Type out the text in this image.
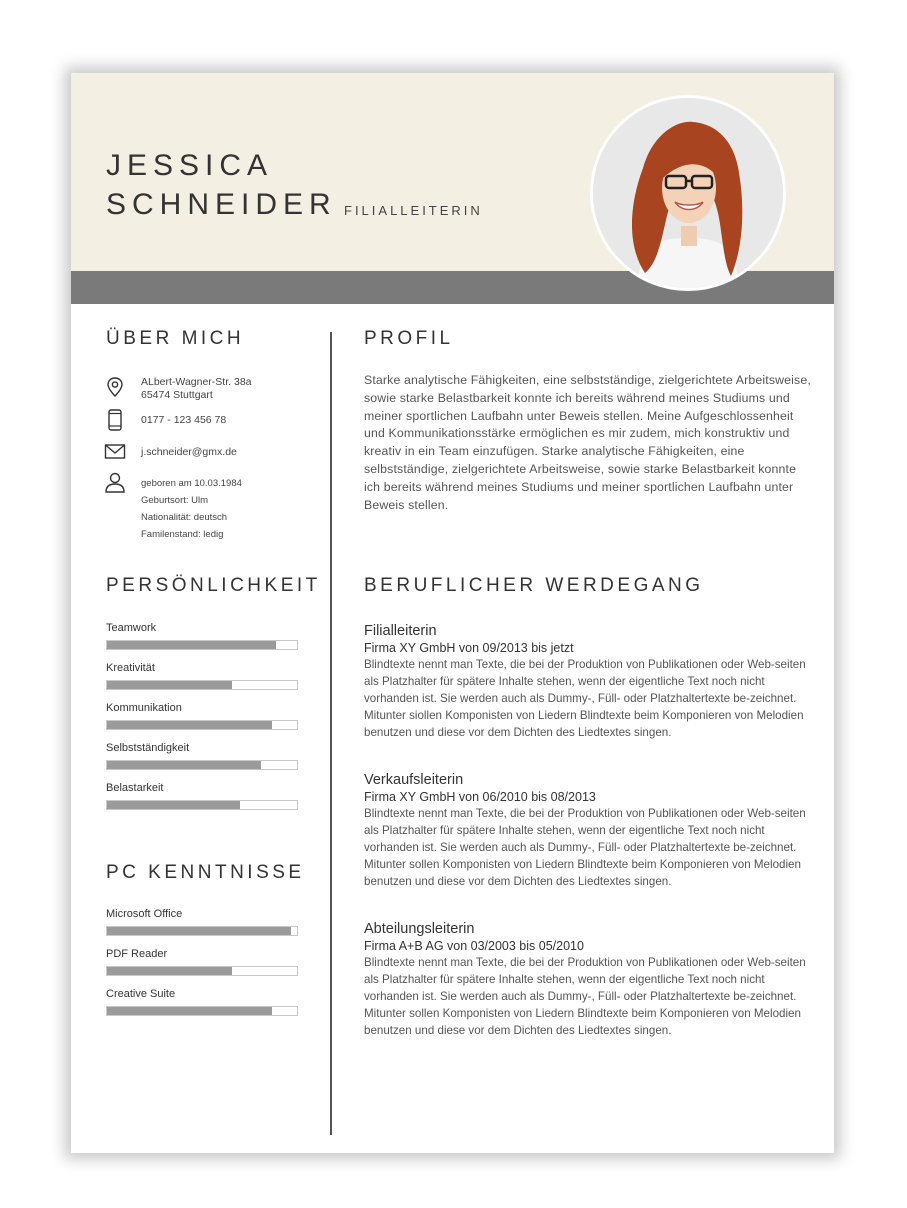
JESSICA
SCHNEIDER FILIALLEITERIN
ÜBER MICH
ALbert-Wagner-Str. 38a
65474 Stuttgart
0177 - 123 456 78
j.schneider@gmx.de
geboren am 10.03.1984
Geburtsort: Ulm
Nationalität: deutsch
Familenstand: ledig
PERSÖNLICHKEIT
Teamwork
Kreativität
Kommunikation
Selbstständigkeit
Belastarkeit
PC KENNTNISSE
Microsoft Office
PDF Reader
Creative Suite
PROFIL
Starke analytische Fähigkeiten, eine selbstständige, zielgerichtete Arbeitsweise, sowie starke Belastbarkeit konnte ich bereits während meines Studiums und meiner sportlichen Laufbahn unter Beweis stellen. Meine Aufgeschlossenheit und Kommunikationsstärke ermöglichen es mir zudem, mich konstruktiv und kreativ in ein Team einzufügen. Starke analytische Fähigkeiten, eine selbstständige, zielgerichtete Arbeitsweise, sowie starke Belastbarkeit konnte ich bereits während meines Studiums und meiner sportlichen Laufbahn unter Beweis stellen.
BERUFLICHER WERDEGANG
Filialleiterin
Firma XY GmbH von 09/2013 bis jetzt
Blindtexte nennt man Texte, die bei der Produktion von Publikationen oder Web-seiten als Platzhalter für spätere Inhalte stehen, wenn der eigentliche Text noch nicht vorhanden ist. Sie werden auch als Dummy-, Füll- oder Platzhaltertexte be-zeichnet. Mitunter siollen Komponisten von Liedern Blindtexte beim Komponieren von Melodien benutzen und diese vor dem Dichten des Liedtextes singen.
Verkaufsleiterin
Firma XY GmbH von 06/2010 bis 08/2013
Blindtexte nennt man Texte, die bei der Produktion von Publikationen oder Web-seiten als Platzhalter für spätere Inhalte stehen, wenn der eigentliche Text noch nicht vorhanden ist. Sie werden auch als Dummy-, Füll- oder Platzhaltertexte be-zeichnet. Mitunter sollen Komponisten von Liedern Blindtexte beim Komponieren von Melodien benutzen und diese vor dem Dichten des Liedtextes singen.
Abteilungsleiterin
Firma A+B AG von 03/2003 bis 05/2010
Blindtexte nennt man Texte, die bei der Produktion von Publikationen oder Web-seiten als Platzhalter für spätere Inhalte stehen, wenn der eigentliche Text noch nicht vorhanden ist. Sie werden auch als Dummy-, Füll- oder Platzhaltertexte be-zeichnet. Mitunter sollen Komponisten von Liedern Blindtexte beim Komponieren von Melodien benutzen und diese vor dem Dichten des Liedtextes singen.
